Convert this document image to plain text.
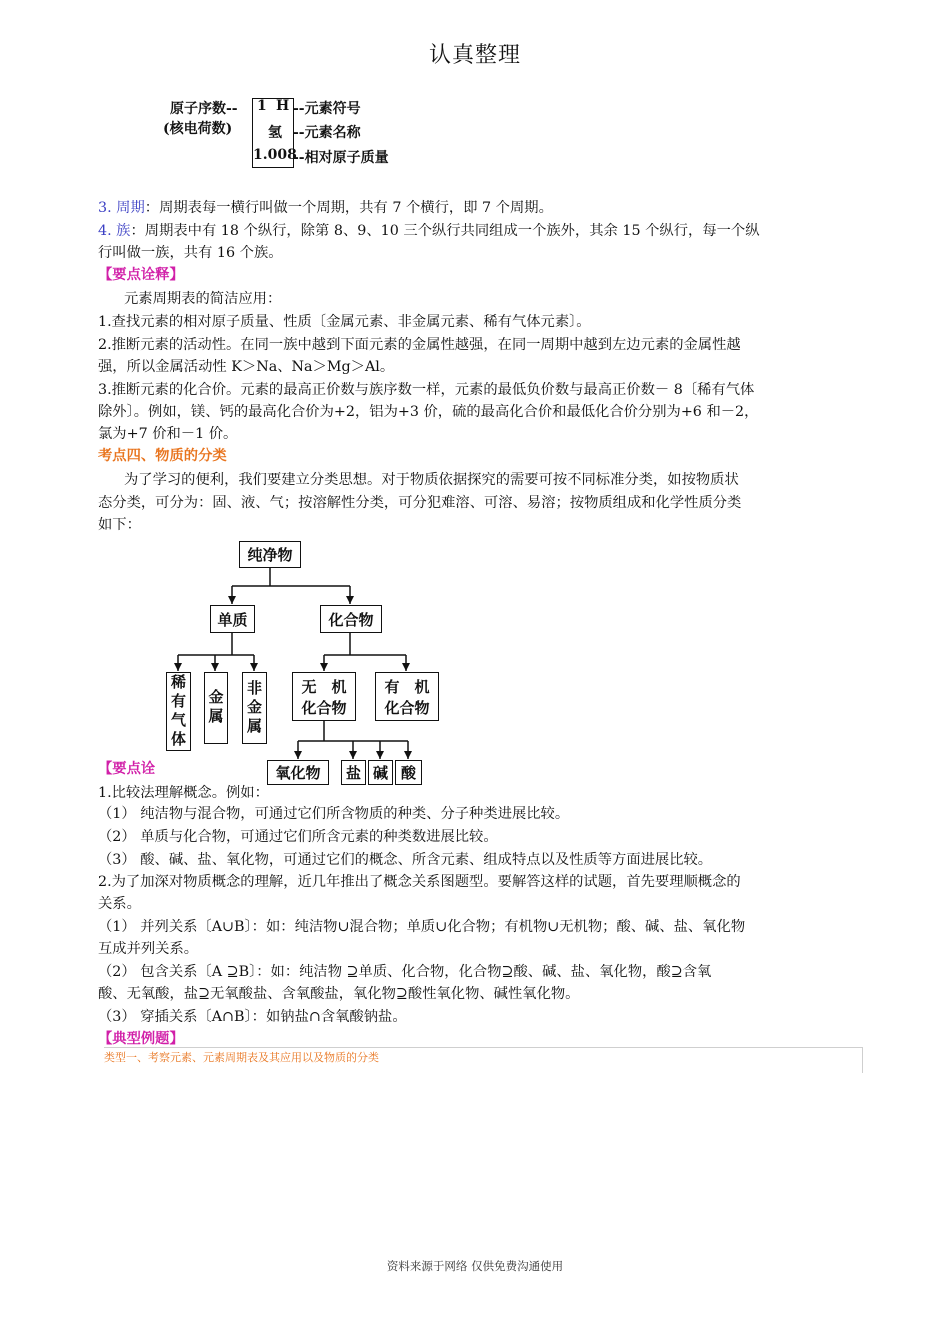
认真整理
原子序数--
(核电荷数)
1 H
氢
1.008
--元素符号
--元素名称
--相对原子质量
3. 周期：周期表每一横行叫做一个周期，共有 7 个横行，即 7 个周期。
4. 族：周期表中有 18 个纵行，除第 8、9、10 三个纵行共同组成一个族外，其余 15 个纵行，每一个纵
行叫做一族，共有 16 个族。
【要点诠释】
元素周期表的简洁应用：
1.查找元素的相对原子质量、性质〔金属元素、非金属元素、稀有气体元素〕。
2.推断元素的活动性。在同一族中越到下面元素的金属性越强，在同一周期中越到左边元素的金属性越
强，所以金属活动性 K＞Na、Na＞Mg＞Al。
3.推断元素的化合价。元素的最高正价数与族序数一样，元素的最低负价数与最高正价数－ 8〔稀有气体
除外〕。例如，镁、钙的最高化合价为+2，铝为+3 价，硫的最高化合价和最低化合价分别为+6 和－2，
氯为+7 价和－1 价。
考点四、物质的分类
为了学习的便利，我们要建立分类思想。对于物质依据探究的需要可按不同标准分类，如按物质状
态分类，可分为：固、液、气；按溶解性分类，可分犯难溶、可溶、易溶；按物质组成和化学性质分类
如下：
纯净物
单质	化合物
稀有气体 金属 非金属	无　机
化合物
有　机
化合物
氧化物	盐 碱 酸
【要点诠
1.比较法理解概念。例如：
（1） 纯洁物与混合物，可通过它们所含物质的种类、分子种类进展比较。
（2） 单质与化合物，可通过它们所含元素的种类数进展比较。
（3） 酸、碱、盐、氧化物，可通过它们的概念、所含元素、组成特点以及性质等方面进展比较。
2.为了加深对物质概念的理解，近几年推出了概念关系图题型。要解答这样的试题，首先要理顺概念的
关系。
（1） 并列关系〔A∪B〕：如：纯洁物∪混合物；单质∪化合物；有机物∪无机物；酸、碱、盐、氧化物
互成并列关系。
（2） 包含关系〔A ⊇B〕：如：纯洁物 ⊇单质、化合物，化合物⊇酸、碱、盐、氧化物，酸⊇含氧
酸、无氧酸，盐⊇无氧酸盐、含氧酸盐，氧化物⊇酸性氧化物、碱性氧化物。
（3） 穿插关系〔A∩B〕：如钠盐∩含氧酸钠盐。
【典型例题】
类型一、考察元素、元素周期表及其应用以及物质的分类
资料来源于网络 仅供免费沟通使用
